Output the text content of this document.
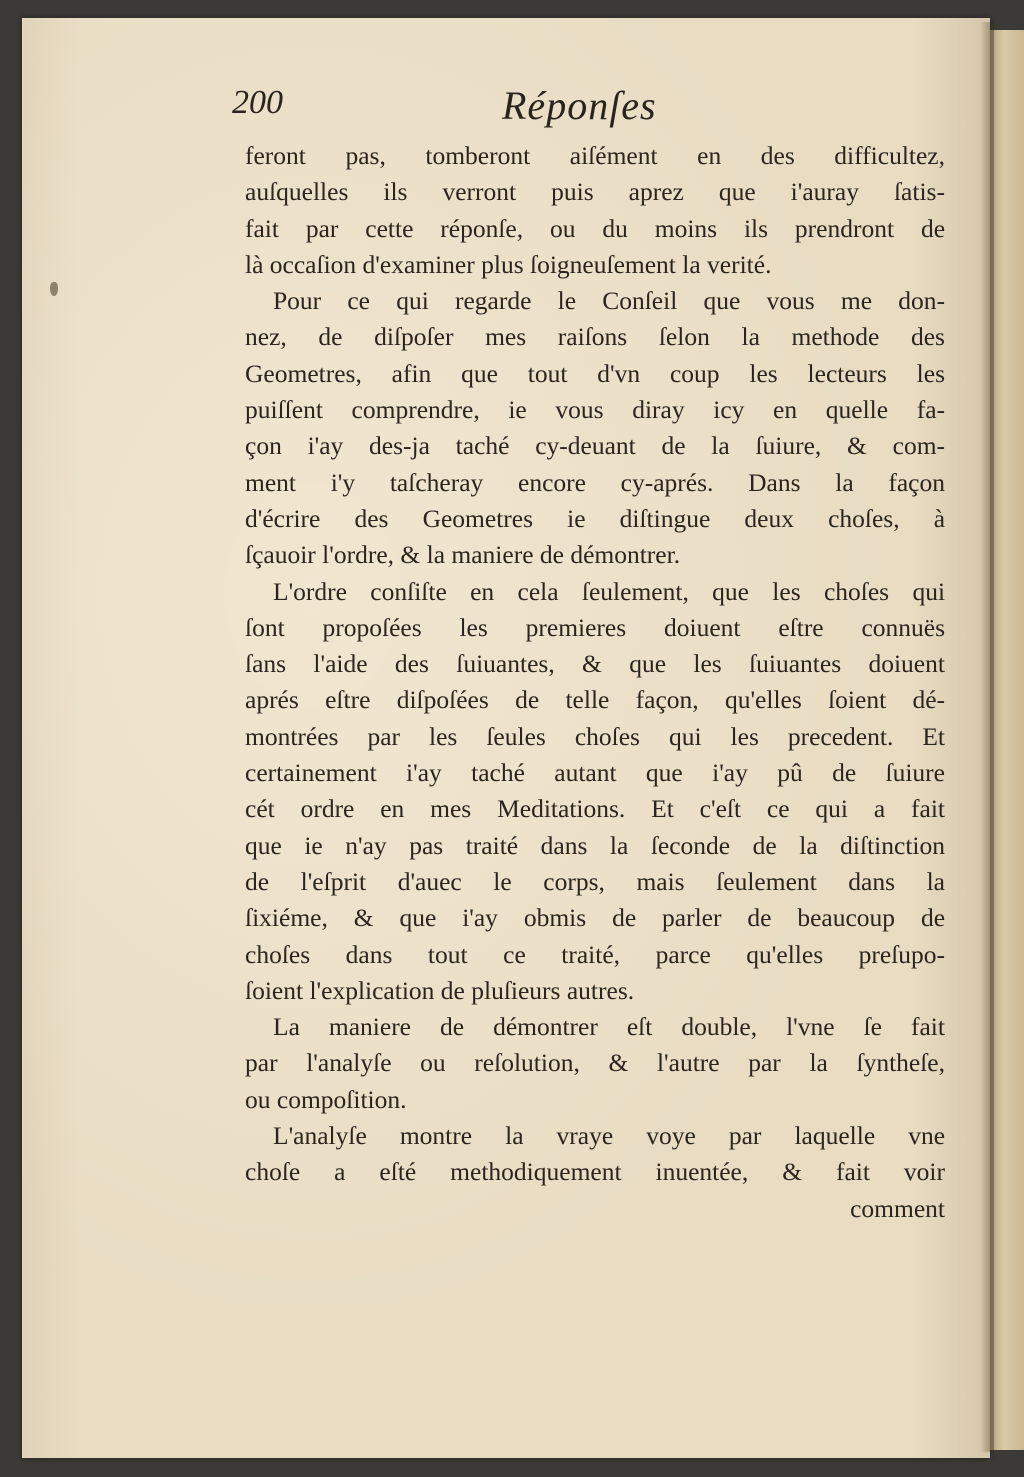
200	Réponſes
feront pas, tomberont aiſément en des difficultez,
auſquelles ils verront puis aprez que i'auray ſatis-
fait par cette réponſe, ou du moins ils prendront de
là occaſion d'examiner plus ſoigneuſement la verité.
Pour ce qui regarde le Conſeil que vous me don-
nez, de diſpoſer mes raiſons ſelon la methode des
Geometres, afin que tout d'vn coup les lecteurs les
puiſſent comprendre, ie vous diray icy en quelle fa-
çon i'ay des-ja taché cy-deuant de la ſuiure, & com-
ment i'y taſcheray encore cy-aprés. Dans la façon
d'écrire des Geometres ie diſtingue deux choſes, à
ſçauoir l'ordre, & la maniere de démontrer.
L'ordre conſiſte en cela ſeulement, que les choſes qui
ſont propoſées les premieres doiuent eſtre connuës
ſans l'aide des ſuiuantes, & que les ſuiuantes doiuent
aprés eſtre diſpoſées de telle façon, qu'elles ſoient dé-
montrées par les ſeules choſes qui les precedent. Et
certainement i'ay taché autant que i'ay pû de ſuiure
cét ordre en mes Meditations. Et c'eſt ce qui a fait
que ie n'ay pas traité dans la ſeconde de la diſtinction
de l'eſprit d'auec le corps, mais ſeulement dans la
ſixiéme, & que i'ay obmis de parler de beaucoup de
choſes dans tout ce traité, parce qu'elles preſupo-
ſoient l'explication de pluſieurs autres.
La maniere de démontrer eſt double, l'vne ſe fait
par l'analyſe ou reſolution, & l'autre par la ſyntheſe,
ou compoſition.
L'analyſe montre la vraye voye par laquelle vne
choſe a eſté methodiquement inuentée, & fait voir
comment
